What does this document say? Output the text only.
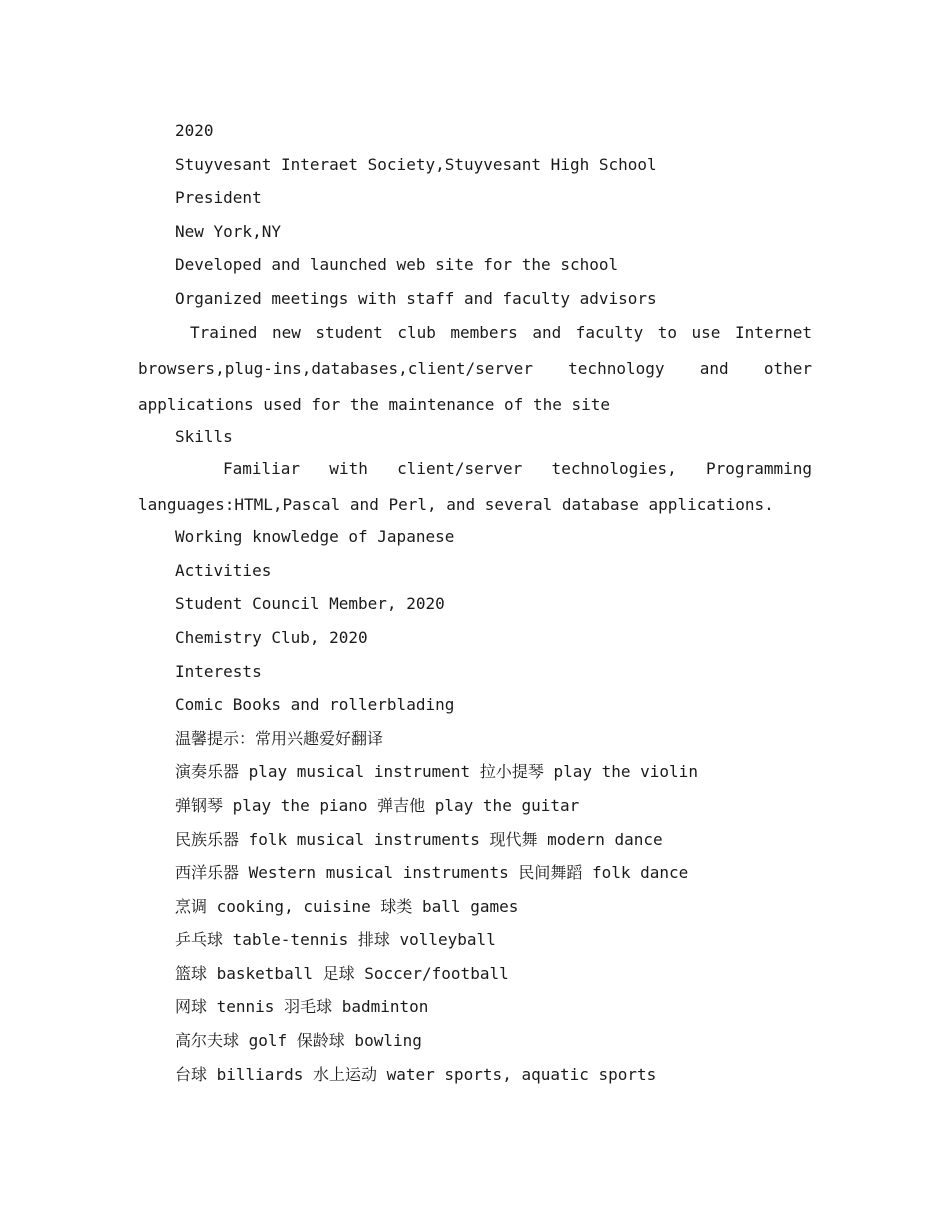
2020

Stuyvesant Interaet Society,Stuyvesant High School

President

New York,NY

Developed and launched web site for the school

Organized meetings with staff and faculty advisors

Trained new student club members and faculty to use Internet browsers,plug-ins,databases,client/server technology and other applications used for the maintenance of the site

Skills

Familiar with client/server technologies, Programming languages:HTML,Pascal and Perl, and several database applications.

Working knowledge of Japanese

Activities

Student Council Member, 2020

Chemistry Club, 2020

Interests

Comic Books and rollerblading

温馨提示：常用兴趣爱好翻译

演奏乐器 play musical instrument 拉小提琴 play the violin

弹钢琴 play the piano 弹吉他 play the guitar

民族乐器 folk musical instruments 现代舞 modern dance

西洋乐器 Western musical instruments 民间舞蹈 folk dance

烹调 cooking, cuisine 球类 ball games

乒乓球 table-tennis 排球 volleyball

篮球 basketball 足球 Soccer/football

网球 tennis 羽毛球 badminton

高尔夫球 golf 保龄球 bowling

台球 billiards 水上运动 water sports, aquatic sports
